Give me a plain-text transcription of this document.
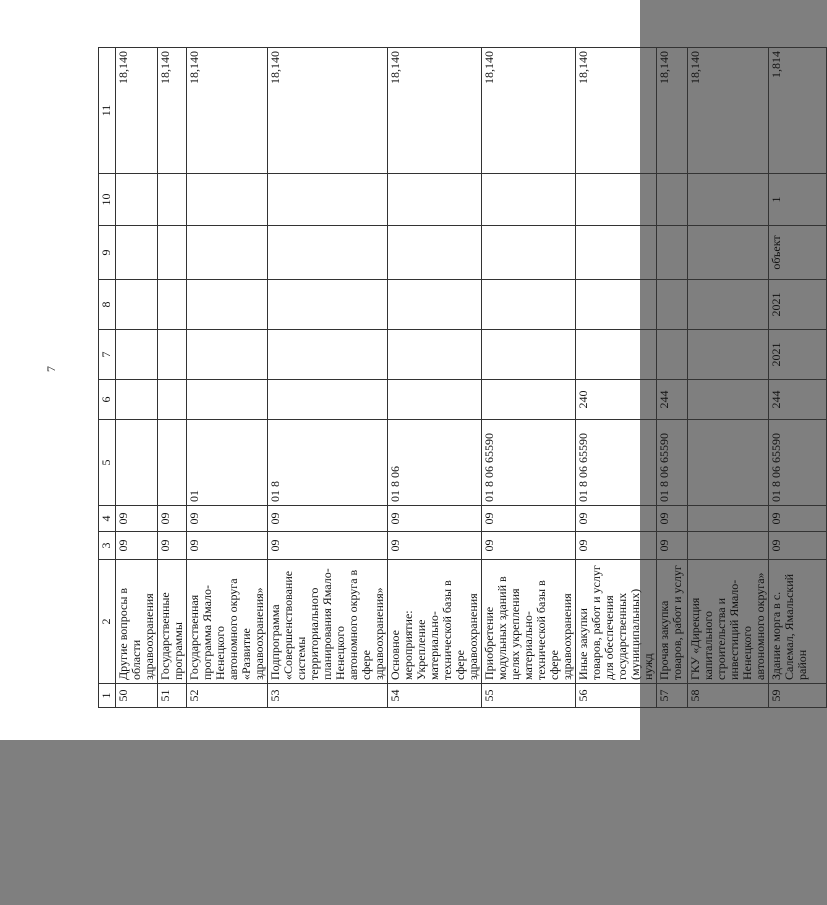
7
1	2	3	4	5	6	7	8	9	10	11
50	Другие вопросы в области здравоохранения	09	09							18,140
51	Государственные программы	09	09							18,140
52	Государственная программа Ямало-Ненецкого автономного округа «Развитие здравоохранения»	09	09	01						18,140
53	Подпрограмма «Совершенствование системы территориального планирования Ямало-Ненецкого автономного округа в сфере здравоохранения»	09	09	01 8						18,140
54	Основное мероприятие: Укрепление материально-технической базы в сфере здравоохранения	09	09	01 8 06						18,140
55	Приобретение модульных зданий в целях укрепления материально-технической базы в сфере здравоохранения	09	09	01 8 06 65590						18,140
56	Иные закупки товаров, работ и услуг для обеспечения государственных (муниципальных) нужд	09	09	01 8 06 65590	240					18,140
57	Прочая закупка товаров, работ и услуг	09	09	01 8 06 65590	244					18,140
58	ГКУ «Дирекция капитального строительства и инвестиций Ямало-Ненецкого автономного округа»									18,140
59	Здание морга в с. Салемал, Ямальский район	09	09	01 8 06 65590	244	2021	2021	объект	1	1,814
